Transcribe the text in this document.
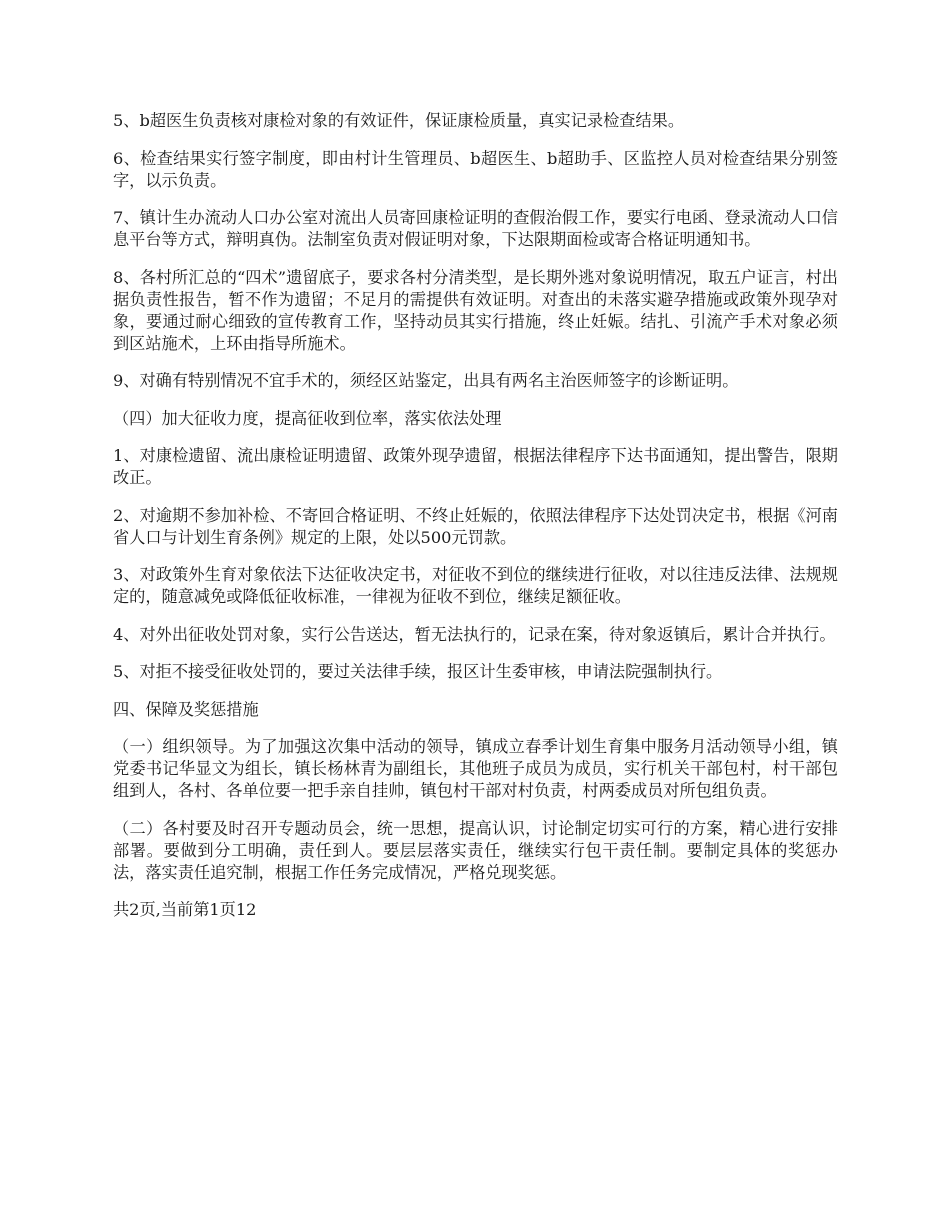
5、b超医生负责核对康检对象的有效证件，保证康检质量，真实记录检查结果。

6、检查结果实行签字制度，即由村计生管理员、b超医生、b超助手、区监控人员对检查结果分别签字，以示负责。

7、镇计生办流动人口办公室对流出人员寄回康检证明的查假治假工作，要实行电函、登录流动人口信息平台等方式，辩明真伪。法制室负责对假证明对象，下达限期面检或寄合格证明通知书。

8、各村所汇总的“四术”遗留底子，要求各村分清类型，是长期外逃对象说明情况，取五户证言，村出据负责性报告，暂不作为遗留；不足月的需提供有效证明。对查出的未落实避孕措施或政策外现孕对象，要通过耐心细致的宣传教育工作，坚持动员其实行措施，终止妊娠。结扎、引流产手术对象必须到区站施术，上环由指导所施术。

9、对确有特别情况不宜手术的，须经区站鉴定，出具有两名主治医师签字的诊断证明。

（四）加大征收力度，提高征收到位率，落实依法处理

1、对康检遗留、流出康检证明遗留、政策外现孕遗留，根据法律程序下达书面通知，提出警告，限期改正。

2、对逾期不参加补检、不寄回合格证明、不终止妊娠的，依照法律程序下达处罚决定书，根据《河南省人口与计划生育条例》规定的上限，处以500元罚款。

3、对政策外生育对象依法下达征收决定书，对征收不到位的继续进行征收，对以往违反法律、法规规定的，随意减免或降低征收标准，一律视为征收不到位，继续足额征收。

4、对外出征收处罚对象，实行公告送达，暂无法执行的，记录在案，待对象返镇后，累计合并执行。

5、对拒不接受征收处罚的，要过关法律手续，报区计生委审核，申请法院强制执行。

四、保障及奖惩措施

（一）组织领导。为了加强这次集中活动的领导，镇成立春季计划生育集中服务月活动领导小组，镇党委书记华显文为组长，镇长杨林青为副组长，其他班子成员为成员，实行机关干部包村，村干部包组到人，各村、各单位要一把手亲自挂帅，镇包村干部对村负责，村两委成员对所包组负责。

（二）各村要及时召开专题动员会，统一思想，提高认识，讨论制定切实可行的方案，精心进行安排部署。要做到分工明确，责任到人。要层层落实责任，继续实行包干责任制。要制定具体的奖惩办法，落实责任追究制，根据工作任务完成情况，严格兑现奖惩。

共2页,当前第1页12
